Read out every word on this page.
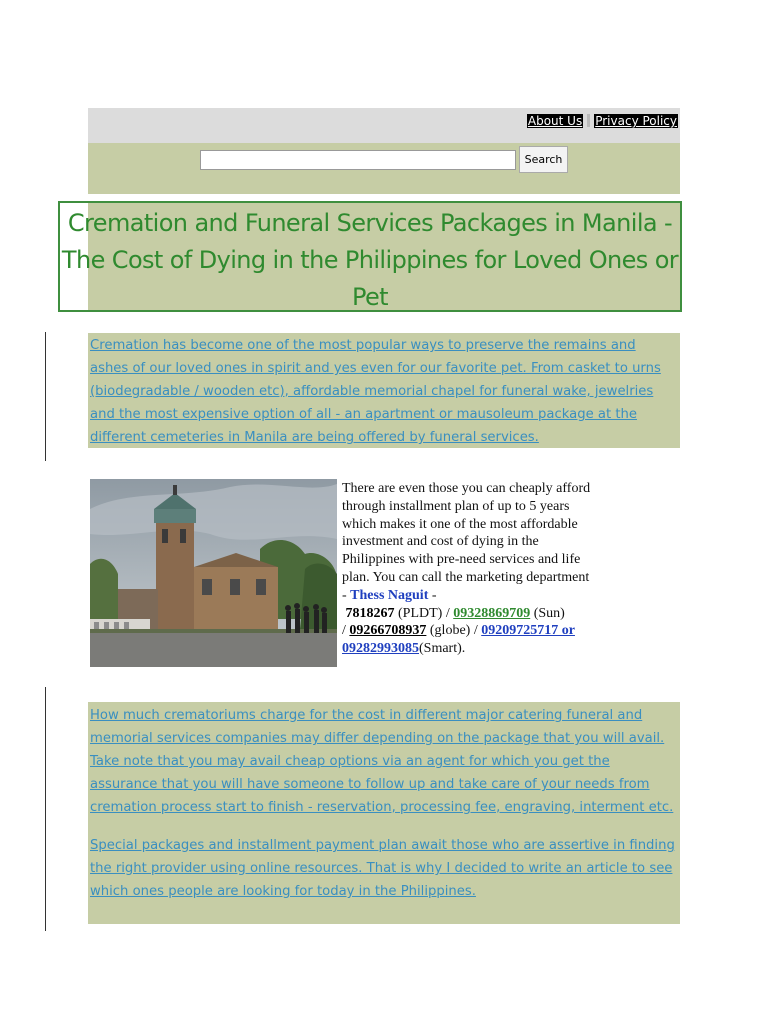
About Us Privacy Policy
Search
Cremation and Funeral Services Packages in Manila - The Cost of Dying in the Philippines for Loved Ones or Pet

Cremation has become one of the most popular ways to preserve the remains and ashes of our loved ones in spirit and yes even for our favorite pet. From casket to urns (biodegradable / wooden etc), affordable memorial chapel for funeral wake, jewelries and the most expensive option of all - an apartment or mausoleum package at the different cemeteries in Manila are being offered by funeral services.

There are even those you can cheaply afford through installment plan of up to 5 years which makes it one of the most affordable investment and cost of dying in the Philippines with pre-need services and life plan. You can call the marketing department - Thess Naguit -
7818267 (PLDT) / 09328869709 (Sun)
/ 09266708937 (globe) / 09209725717 or 09282993085(Smart).

How much crematoriums charge for the cost in different major catering funeral and memorial services companies may differ depending on the package that you will avail. Take note that you may avail cheap options via an agent for which you get the assurance that you will have someone to follow up and take care of your needs from cremation process start to finish - reservation, processing fee, engraving, interment etc.

Special packages and installment payment plan await those who are assertive in finding the right provider using online resources. That is why I decided to write an article to see which ones people are looking for today in the Philippines.
